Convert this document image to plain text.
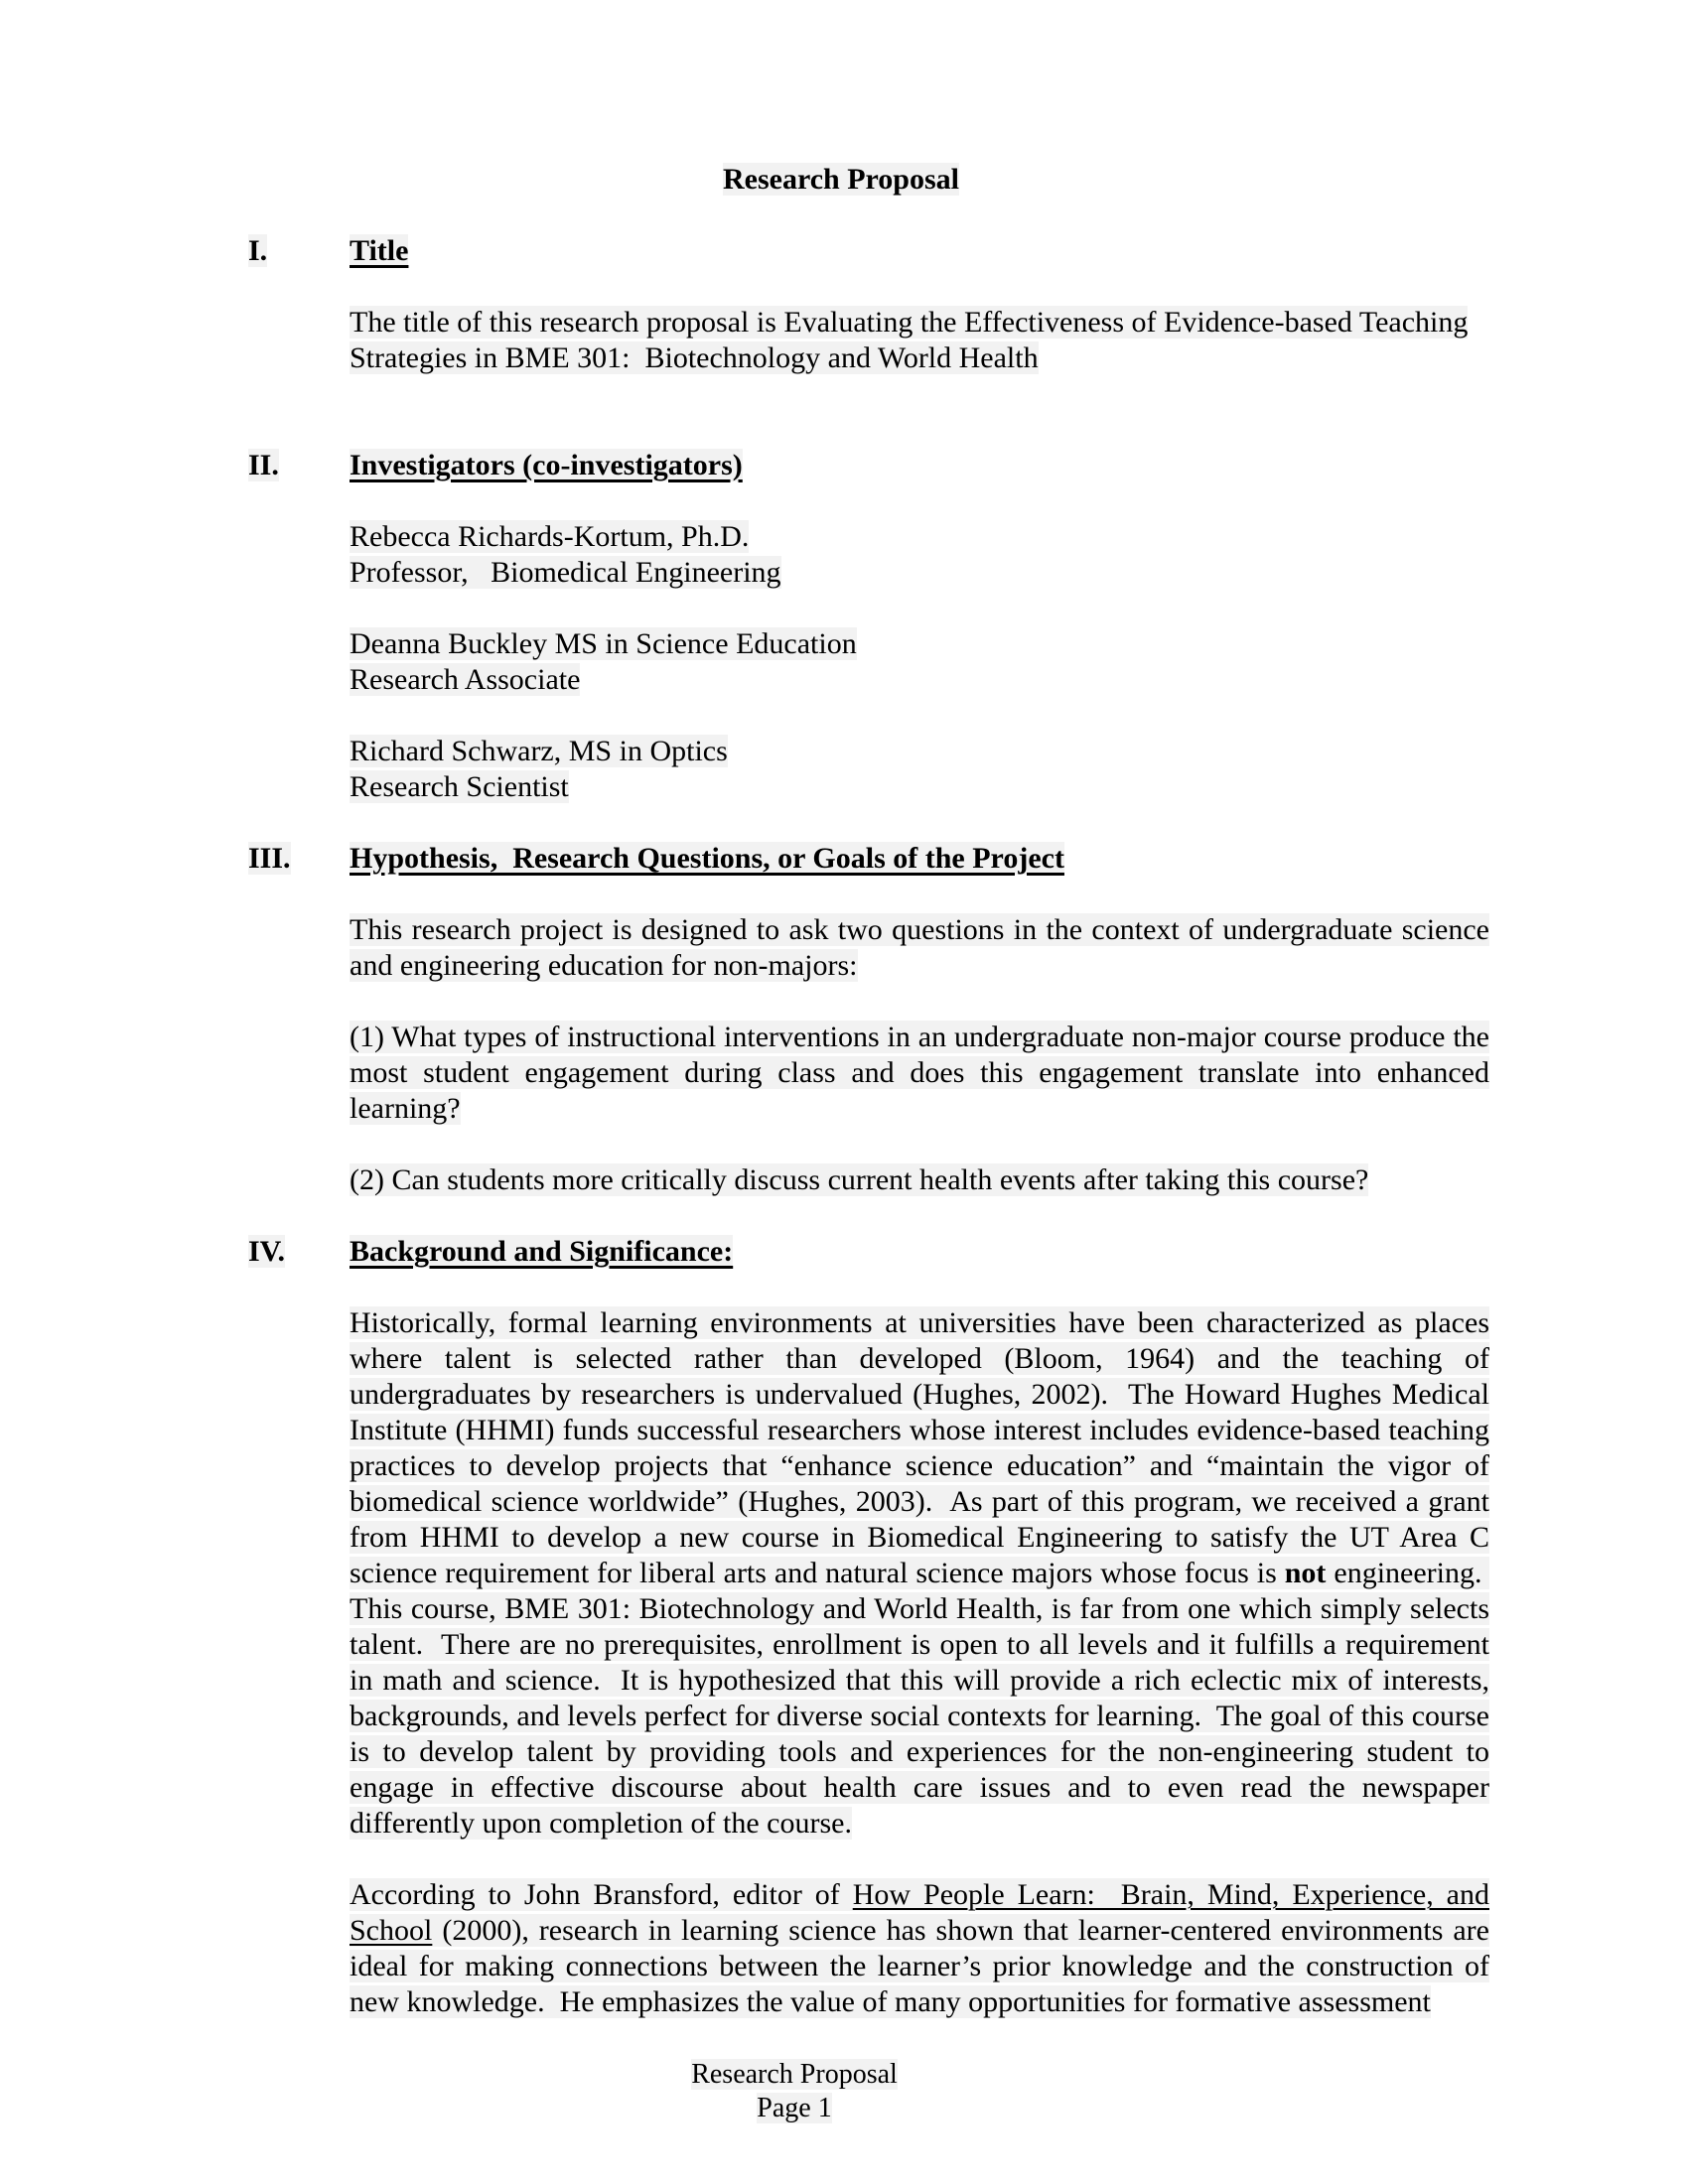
Research Proposal
I.	Title

The title of this research proposal is Evaluating the Effectiveness of Evidence-based Teaching Strategies in BME 301:  Biotechnology and World Health

II. Investigators (co-investigators)
Rebecca Richards-Kortum, Ph.D.
Professor,   Biomedical Engineering
Deanna Buckley MS in Science Education
Research Associate
Richard Schwarz, MS in Optics
Research Scientist
III. Hypothesis,  Research Questions, or Goals of the Project

This research project is designed to ask two questions in the context of undergraduate science and engineering education for non-majors:

(1) What types of instructional interventions in an undergraduate non-major course produce the most student engagement during class and does this engagement translate into enhanced learning?

(2) Can students more critically discuss current health events after taking this course?

IV. Background and Significance:

Historically, formal learning environments at universities have been characterized as places where talent is selected rather than developed (Bloom, 1964) and the teaching of undergraduates by researchers is undervalued (Hughes, 2002).  The Howard Hughes Medical Institute (HHMI) funds successful researchers whose interest includes evidence-based teaching practices to develop projects that “enhance science education” and “maintain the vigor of biomedical science worldwide” (Hughes, 2003).  As part of this program, we received a grant from HHMI to develop a new course in Biomedical Engineering to satisfy the UT Area C science requirement for liberal arts and natural science majors whose focus is not engineering.  This course, BME 301: Biotechnology and World Health, is far from one which simply selects talent.  There are no prerequisites, enrollment is open to all levels and it fulfills a requirement in math and science.  It is hypothesized that this will provide a rich eclectic mix of interests, backgrounds, and levels perfect for diverse social contexts for learning.  The goal of this course is to develop talent by providing tools and experiences for the non-engineering student to engage in effective discourse about health care issues and to even read the newspaper differently upon completion of the course.

According to John Bransford, editor of How People Learn:  Brain, Mind, Experience, and School (2000), research in learning science has shown that learner-centered environments are ideal for making connections between the learner’s prior knowledge and the construction of new knowledge.  He emphasizes the value of many opportunities for formative assessment

Research Proposal
Page 1
